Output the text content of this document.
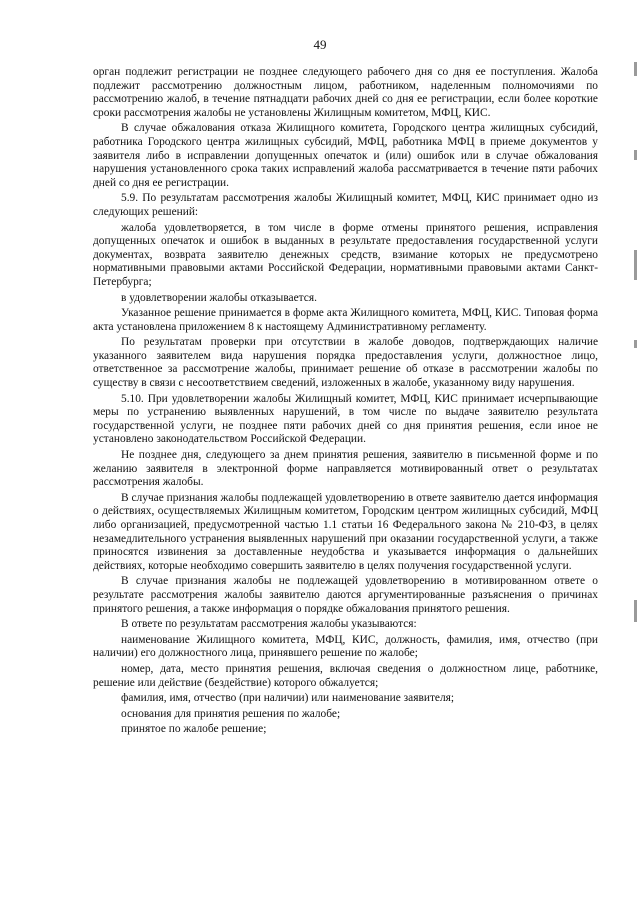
49

орган подлежит регистрации не позднее следующего рабочего дня со дня ее поступления. Жалоба подлежит рассмотрению должностным лицом, работником, наделенным полномочиями по рассмотрению жалоб, в течение пятнадцати рабочих дней со дня ее регистрации, если более короткие сроки рассмотрения жалобы не установлены Жилищным комитетом, МФЦ, КИС.

В случае обжалования отказа Жилищного комитета, Городского центра жилищных субсидий, работника Городского центра жилищных субсидий, МФЦ, работника МФЦ в приеме документов у заявителя либо в исправлении допущенных опечаток и (или) ошибок или в случае обжалования нарушения установленного срока таких исправлений жалоба рассматривается в течение пяти рабочих дней со дня ее регистрации.

5.9. По результатам рассмотрения жалобы Жилищный комитет, МФЦ, КИС принимает одно из следующих решений:

жалоба удовлетворяется, в том числе в форме отмены принятого решения, исправления допущенных опечаток и ошибок в выданных в результате предоставления государственной услуги документах, возврата заявителю денежных средств, взимание которых не предусмотрено нормативными правовыми актами Российской Федерации, нормативными правовыми актами Санкт-Петербурга;

в удовлетворении жалобы отказывается.

Указанное решение принимается в форме акта Жилищного комитета, МФЦ, КИС. Типовая форма акта установлена приложением 8 к настоящему Административному регламенту.

По результатам проверки при отсутствии в жалобе доводов, подтверждающих наличие указанного заявителем вида нарушения порядка предоставления услуги, должностное лицо, ответственное за рассмотрение жалобы, принимает решение об отказе в рассмотрении жалобы по существу в связи с несоответствием сведений, изложенных в жалобе, указанному виду нарушения.

5.10. При удовлетворении жалобы Жилищный комитет, МФЦ, КИС принимает исчерпывающие меры по устранению выявленных нарушений, в том числе по выдаче заявителю результата государственной услуги, не позднее пяти рабочих дней со дня принятия решения, если иное не установлено законодательством Российской Федерации.

Не позднее дня, следующего за днем принятия решения, заявителю в письменной форме и по желанию заявителя в электронной форме направляется мотивированный ответ о результатах рассмотрения жалобы.

В случае признания жалобы подлежащей удовлетворению в ответе заявителю дается информация о действиях, осуществляемых Жилищным комитетом, Городским центром жилищных субсидий, МФЦ либо организацией, предусмотренной частью 1.1 статьи 16 Федерального закона № 210-ФЗ, в целях незамедлительного устранения выявленных нарушений при оказании государственной услуги, а также приносятся извинения за доставленные неудобства и указывается информация о дальнейших действиях, которые необходимо совершить заявителю в целях получения государственной услуги.

В случае признания жалобы не подлежащей удовлетворению в мотивированном ответе о результате рассмотрения жалобы заявителю даются аргументированные разъяснения о причинах принятого решения, а также информация о порядке обжалования принятого решения.

В ответе по результатам рассмотрения жалобы указываются:

наименование Жилищного комитета, МФЦ, КИС, должность, фамилия, имя, отчество (при наличии) его должностного лица, принявшего решение по жалобе;

номер, дата, место принятия решения, включая сведения о должностном лице, работнике, решение или действие (бездействие) которого обжалуется;

фамилия, имя, отчество (при наличии) или наименование заявителя;

основания для принятия решения по жалобе;

принятое по жалобе решение;
